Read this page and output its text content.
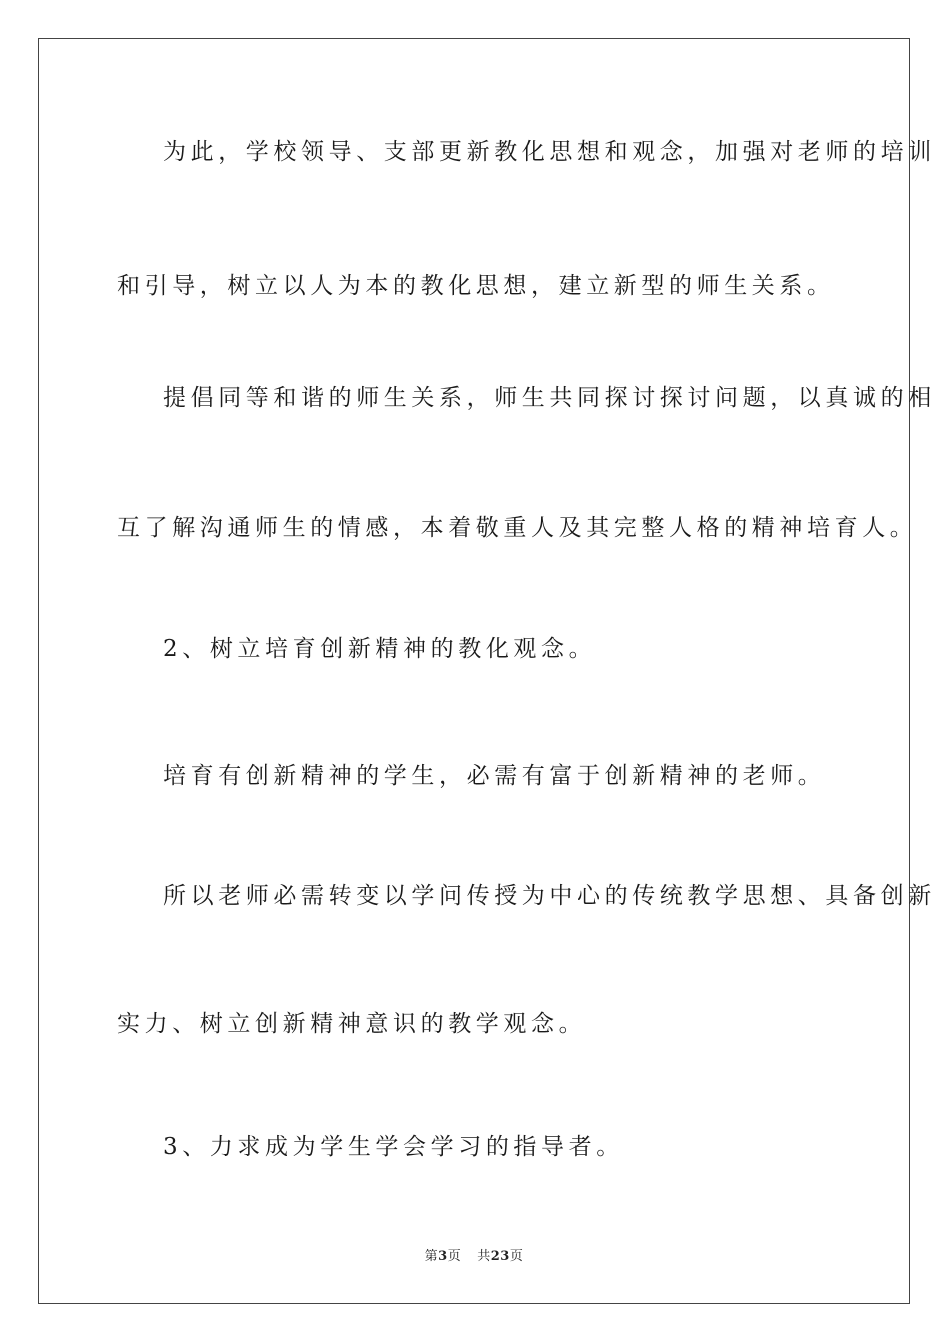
为此，学校领导、支部更新教化思想和观念，加强对老师的培训
和引导，树立以人为本的教化思想，建立新型的师生关系。
提倡同等和谐的师生关系，师生共同探讨探讨问题，以真诚的相
互了解沟通师生的情感，本着敬重人及其完整人格的精神培育人。
2、树立培育创新精神的教化观念。
培育有创新精神的学生，必需有富于创新精神的老师。
所以老师必需转变以学问传授为中心的传统教学思想、具备创新
实力、树立创新精神意识的教学观念。
3、力求成为学生学会学习的指导者。
第3页 共23页
